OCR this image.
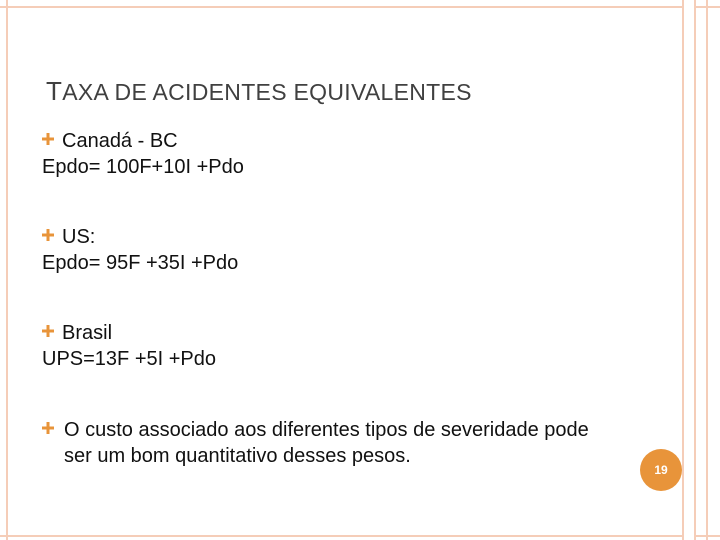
TAXA DE ACIDENTES EQUIVALENTES
Canadá - BC
Epdo= 100F+10I +Pdo
US:
Epdo= 95F +35I +Pdo
Brasil
UPS=13F +5I +Pdo
O custo associado aos diferentes tipos de severidade pode ser um bom quantitativo desses pesos.
19
